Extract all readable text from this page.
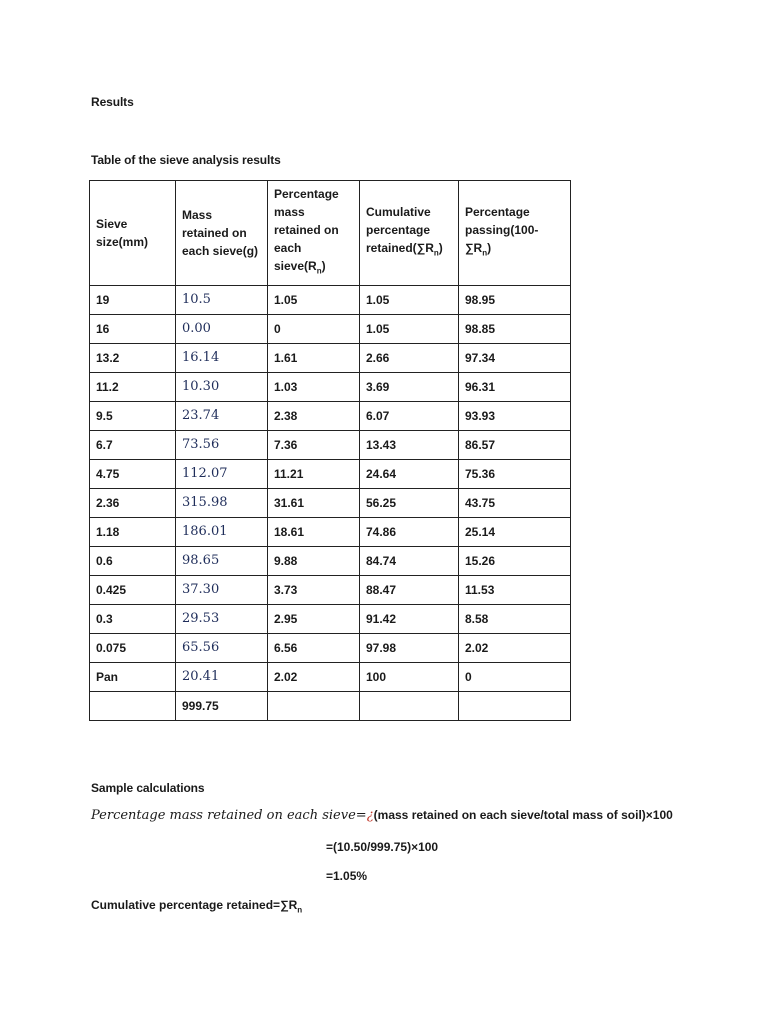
Results
Table of the sieve analysis results
Sieve size(mm)	Mass retained on each sieve(g)	Percentage mass retained on each $sieve(R_n)$	Cumulative percentage $retained(\sum R_n)$	Percentage $passing(100-\sum R_n)$
19	10.5	1.05	1.05	98.95
16	0.00	0	1.05	98.85
13.2	16.14	1.61	2.66	97.34
11.2	10.30	1.03	3.69	96.31
9.5	23.74	2.38	6.07	93.93
6.7	73.56	7.36	13.43	86.57
4.75	112.07	11.21	24.64	75.36
2.36	315.98	31.61	56.25	43.75
1.18	186.01	18.61	74.86	25.14
0.6	98.65	9.88	84.74	15.26
0.425	37.30	3.73	88.47	11.53
0.3	29.53	2.95	91.42	8.58
0.075	65.56	6.56	97.98	2.02
Pan	20.41	2.02	100	0
	999.75			
Sample calculations
Percentage mass retained on each sieve=¿(mass retained on each sieve/total mass of soil)×100
=(10.50/999.75)×100
=1.05%
Cumulative percentage $retained=\sum R_n$
